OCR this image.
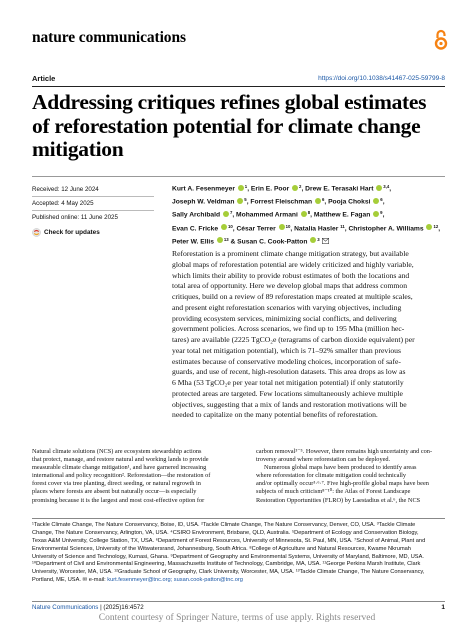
nature communications
Article	https://doi.org/10.1038/s41467-025-59799-8
Addressing critiques refines global estimates
of reforestation potential for climate change
mitigation
Received: 12 June 2024
Accepted: 4 May 2025
Published online: 11 June 2025
Check for updates
Kurt A. Fesenmeyer $^1$, Erin E. Poor $^2$, Drew E. Terasaki Hart $^{3,4}$,
Joseph W. Veldman $^5$, Forrest Fleischman $^6$, Pooja Choksi $^6$,
Sally Archibald $^7$, Mohammed Armani $^8$, Matthew E. Fagan $^9$,
Evan C. Fricke $^{10}$, César Terrer $^{10}$, Natalia Hasler $^{11}$, Christopher A. Williams $^{12}$,
Peter W. Ellis $^{13}$ & Susan C. Cook-Patton $^3$
Reforestation is a prominent climate change mitigation strategy, but available
global maps of reforestation potential are widely criticized and highly variable,
which limits their ability to provide robust estimates of both the locations and
total area of opportunity. Here we develop global maps that address common
critiques, build on a review of 89 reforestation maps created at multiple scales,
and present eight reforestation scenarios with varying objectives, including
providing ecosystem services, minimizing social conflicts, and delivering
government policies. Across scenarios, we find up to 195 Mha (million hec-
tares) are available (2225 TgCO₂e (teragrams of carbon dioxide equivalent) per
year total net mitigation potential), which is 71–92% smaller than previous
estimates because of conservative modeling choices, incorporation of safe-
guards, and use of recent, high-resolution datasets. This area drops as low as
6 Mha (53 TgCO₂e per year total net mitigation potential) if only statutorily
protected areas are targeted. Few locations simultaneously achieve multiple
objectives, suggesting that a mix of lands and restoration motivations will be
needed to capitalize on the many potential benefits of reforestation.
Natural climate solutions (NCS) are ecosystem stewardship actions
that protect, manage, and restore natural and working lands to provide
measurable climate change mitigation¹, and have garnered increasing
international and policy recognition². Reforestation—the restoration of
forest cover via tree planting, direct seeding, or natural regrowth in
places where forests are absent but naturally occur—is especially
promising because it is the largest and most cost-effective option for
carbon removal³⁻⁵. However, there remains high uncertainty and con-
troversy around where reforestation can be deployed.
Numerous global maps have been produced to identify areas
where reforestation for climate mitigation could technically
and/or optimally occur³·⁶·⁷. Five high-profile global maps have been
subjects of much criticism⁸⁻¹⁰: the Atlas of Forest Landscape
Restoration Opportunities (FLRO) by Laestadius et al.⁶, the NCS
¹Tackle Climate Change, The Nature Conservancy, Boise, ID, USA. ²Tackle Climate Change, The Nature Conservancy, Denver, CO, USA. ³Tackle Climate
Change, The Nature Conservancy, Arlington, VA, USA. ⁴CSIRO Environment, Brisbane, QLD, Australia. ⁵Department of Ecology and Conservation Biology,
Texas A&M University, College Station, TX, USA. ⁶Department of Forest Resources, University of Minnesota, St. Paul, MN, USA. ⁷School of Animal, Plant and
Environmental Sciences, University of the Witwatersrand, Johannesburg, South Africa. ⁸College of Agriculture and Natural Resources, Kwame Nkrumah
University of Science and Technology, Kumasi, Ghana. ⁹Department of Geography and Environmental Systems, University of Maryland, Baltimore, MD, USA.
¹⁰Department of Civil and Environmental Engineering, Massachusetts Institute of Technology, Cambridge, MA, USA. ¹¹George Perkins Marsh Institute, Clark
University, Worcester, MA, USA. ¹²Graduate School of Geography, Clark University, Worcester, MA, USA. ¹³Tackle Climate Change, The Nature Conservancy,
Portland, ME, USA. ✉ e-mail: kurt.fesenmeyer@tnc.org; susan.cook-patton@tnc.org
Nature Communications | (2025)16:4572	1
Content courtesy of Springer Nature, terms of use apply. Rights reserved
